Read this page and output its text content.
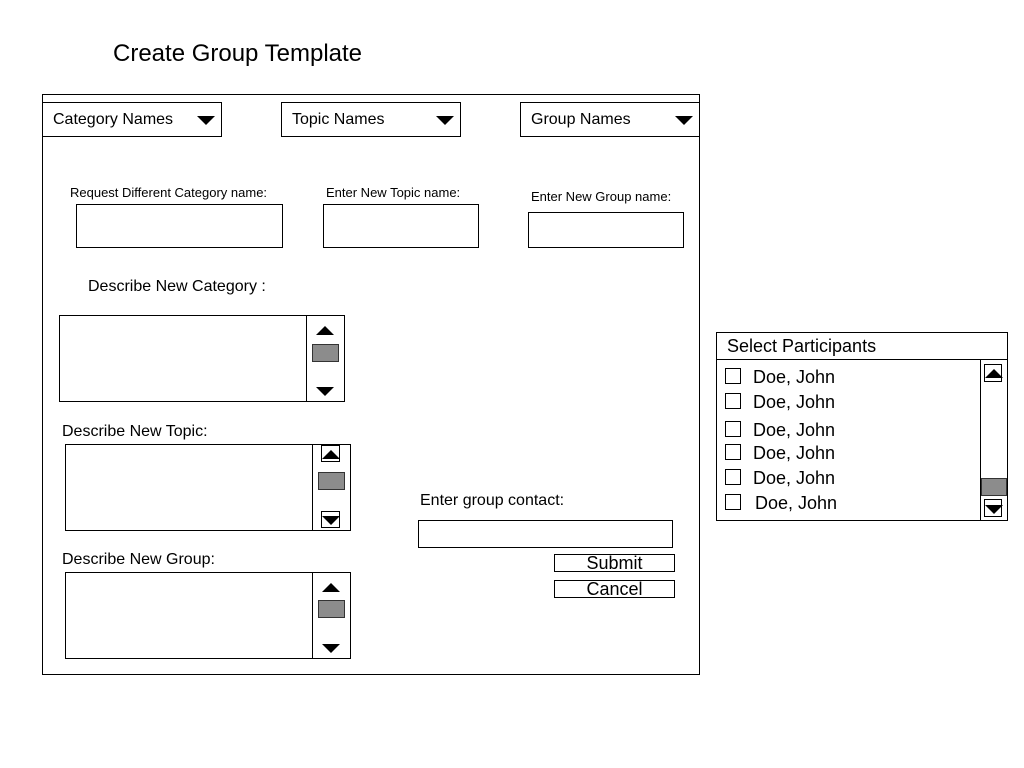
Create Group Template
Category Names	Topic Names	Group Names
Request Different Category name:	Enter New Topic name:	Enter New Group name:
Describe New Category :
Describe New Topic:
Describe New Group:
Enter group contact:
Submit
Cancel
Select Participants
Doe, John
Doe, John
Doe, John
Doe, John
Doe, John
Doe, John
